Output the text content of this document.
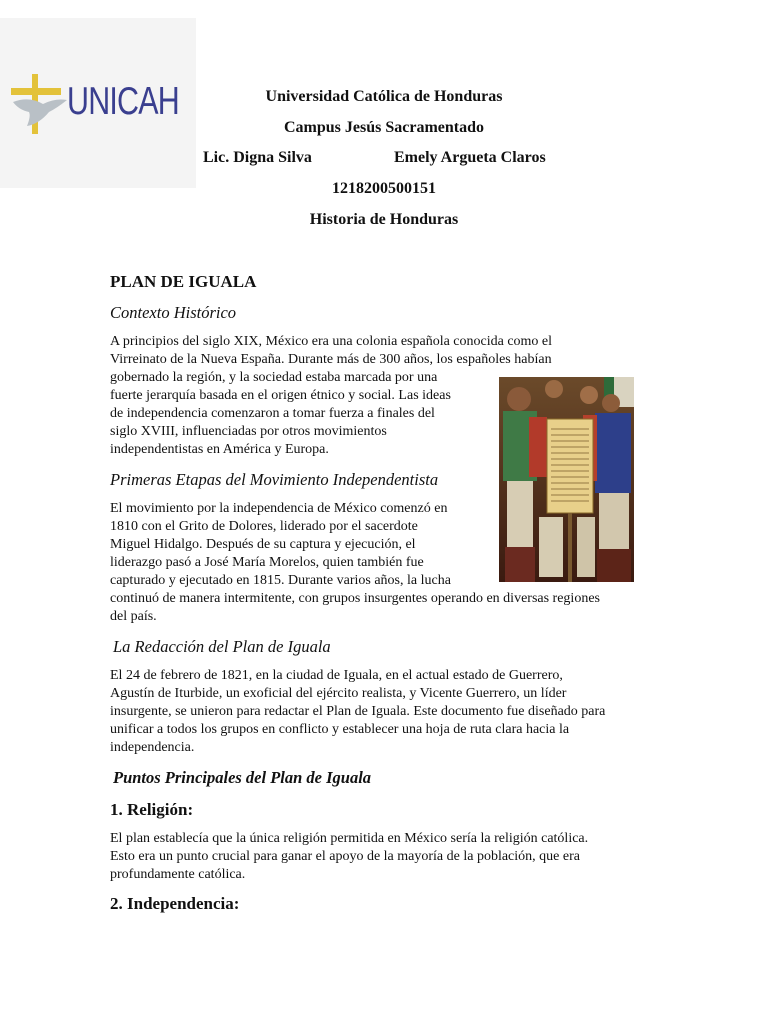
UNICAH	Universidad Católica de Honduras
Campus Jesús Sacramentado
Lic. Digna Silva	Emely Argueta Claros
1218200500151
Historia de Honduras
PLAN DE IGUALA
Contexto Histórico

A principios del siglo XIX, México era una colonia española conocida como el

Virreinato de la Nueva España. Durante más de 300 años, los españoles habían

gobernado la región, y la sociedad estaba marcada por una

fuerte jerarquía basada en el origen étnico y social. Las ideas

de independencia comenzaron a tomar fuerza a finales del

siglo XVIII, influenciadas por otros movimientos

independentistas en América y Europa.

Primeras Etapas del Movimiento Independentista

El movimiento por la independencia de México comenzó en

1810 con el Grito de Dolores, liderado por el sacerdote

Miguel Hidalgo. Después de su captura y ejecución, el

liderazgo pasó a José María Morelos, quien también fue

capturado y ejecutado en 1815. Durante varios años, la lucha

continuó de manera intermitente, con grupos insurgentes operando en diversas regiones

del país.

La Redacción del Plan de Iguala

El 24 de febrero de 1821, en la ciudad de Iguala, en el actual estado de Guerrero,

Agustín de Iturbide, un exoficial del ejército realista, y Vicente Guerrero, un líder

insurgente, se unieron para redactar el Plan de Iguala. Este documento fue diseñado para

unificar a todos los grupos en conflicto y establecer una hoja de ruta clara hacia la

independencia.

Puntos Principales del Plan de Iguala
1. Religión:

El plan establecía que la única religión permitida en México sería la religión católica.

Esto era un punto crucial para ganar el apoyo de la mayoría de la población, que era

profundamente católica.

2. Independencia:
